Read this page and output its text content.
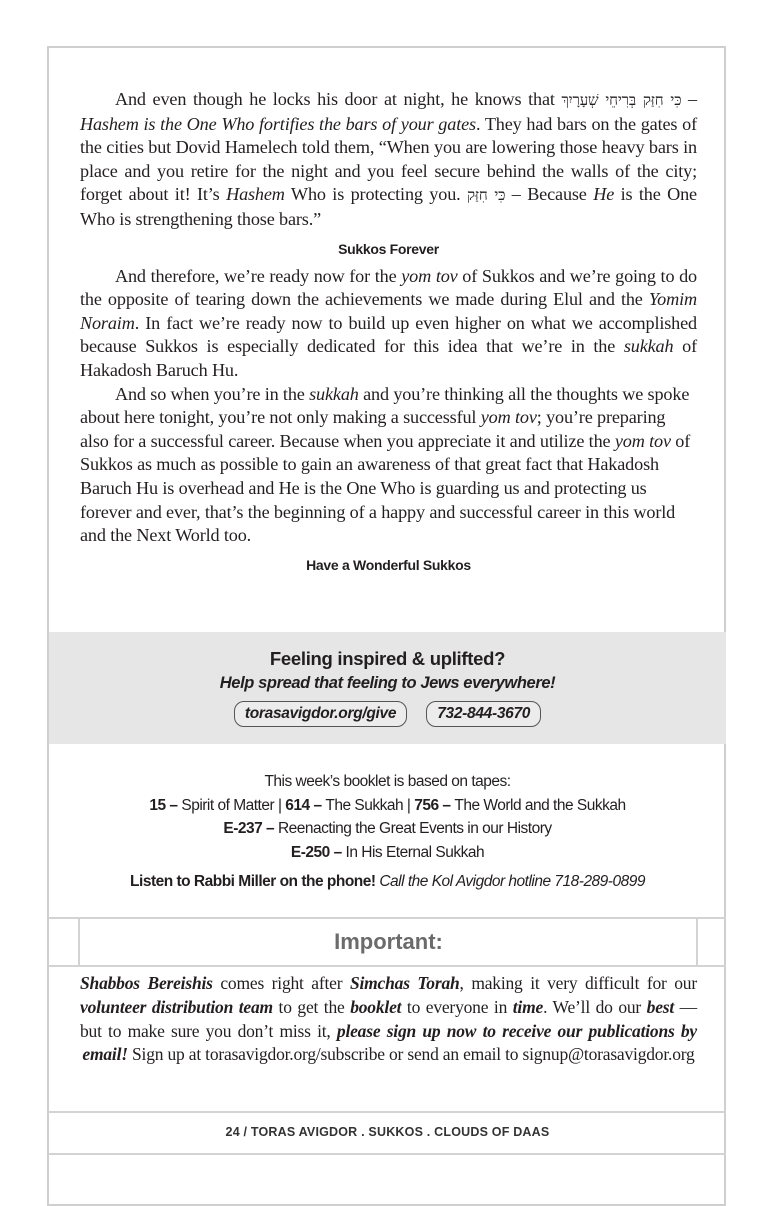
And even though he locks his door at night, he knows that כִּי חִזַּק בְּרִיחֵי שְׁעָרָיִךְ – Hashem is the One Who fortifies the bars of your gates. They had bars on the gates of the cities but Dovid Hamelech told them, “When you are lowering those heavy bars in place and you retire for the night and you feel secure behind the walls of the city; forget about it! It’s Hashem Who is protecting you. כִּי חִזַּק – Because He is the One Who is strengthening those bars.”

Sukkos Forever

And therefore, we’re ready now for the yom tov of Sukkos and we’re going to do the opposite of tearing down the achievements we made during Elul and the Yomim Noraim. In fact we’re ready now to build up even higher on what we accomplished because Sukkos is especially dedicated for this idea that we’re in the sukkah of Hakadosh Baruch Hu.

And so when you’re in the sukkah and you’re thinking all the thoughts we spoke about here tonight, you’re not only making a successful yom tov; you’re preparing also for a successful career. Because when you appreciate it and utilize the yom tov of Sukkos as much as possible to gain an awareness of that great fact that Hakadosh Baruch Hu is overhead and He is the One Who is guarding us and protecting us forever and ever, that’s the beginning of a happy and successful career in this world and the Next World too.

Have a Wonderful Sukkos
Feeling inspired & uplifted?
Help spread that feeling to Jews everywhere!
torasavigdor.org/give	732-844-3670
This week’s booklet is based on tapes:
15 – Spirit of Matter | 614 – The Sukkah | 756 – The World and the Sukkah
E-237 – Reenacting the Great Events in our History
E-250 – In His Eternal Sukkah
Listen to Rabbi Miller on the phone! Call the Kol Avigdor hotline 718-289-0899
Important:
Shabbos Bereishis comes right after Simchas Torah, making it very difficult for our volunteer distribution team to get the booklet to everyone in time. We’ll do our best — but to make sure you don’t miss it, please sign up now to receive our publications by email! Sign up at torasavigdor.org/subscribe or send an email to signup@torasavigdor.org
24 / TORAS AVIGDOR . SUKKOS . CLOUDS OF DAAS
